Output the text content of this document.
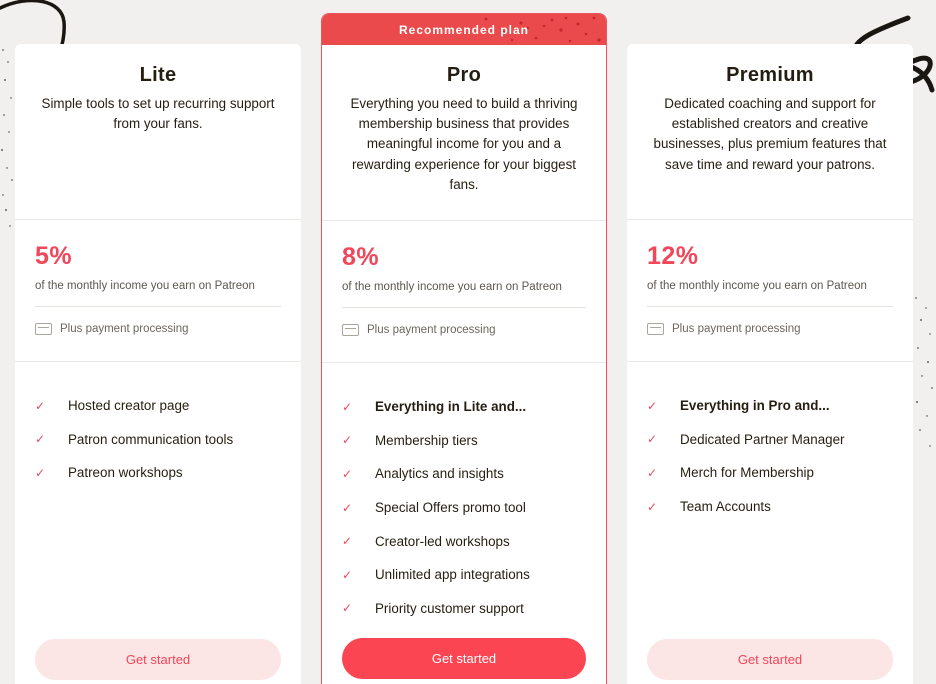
Lite
Simple tools to set up recurring support from your fans.
5%
of the monthly income you earn on Patreon
Plus payment processing
✓	Hosted creator page
✓	Patron communication tools
✓	Patreon workshops
Get started
Recommended plan
Pro
Everything you need to build a thriving membership business that provides meaningful income for you and a rewarding experience for your biggest fans.
8%
of the monthly income you earn on Patreon
Plus payment processing
✓	Everything in Lite and...
✓	Membership tiers
✓	Analytics and insights
✓	Special Offers promo tool
✓	Creator-led workshops
✓	Unlimited app integrations
✓	Priority customer support
Get started
Premium
Dedicated coaching and support for established creators and creative businesses, plus premium features that save time and reward your patrons.
12%
of the monthly income you earn on Patreon
Plus payment processing
✓	Everything in Pro and...
✓	Dedicated Partner Manager
✓	Merch for Membership
✓	Team Accounts
Get started
